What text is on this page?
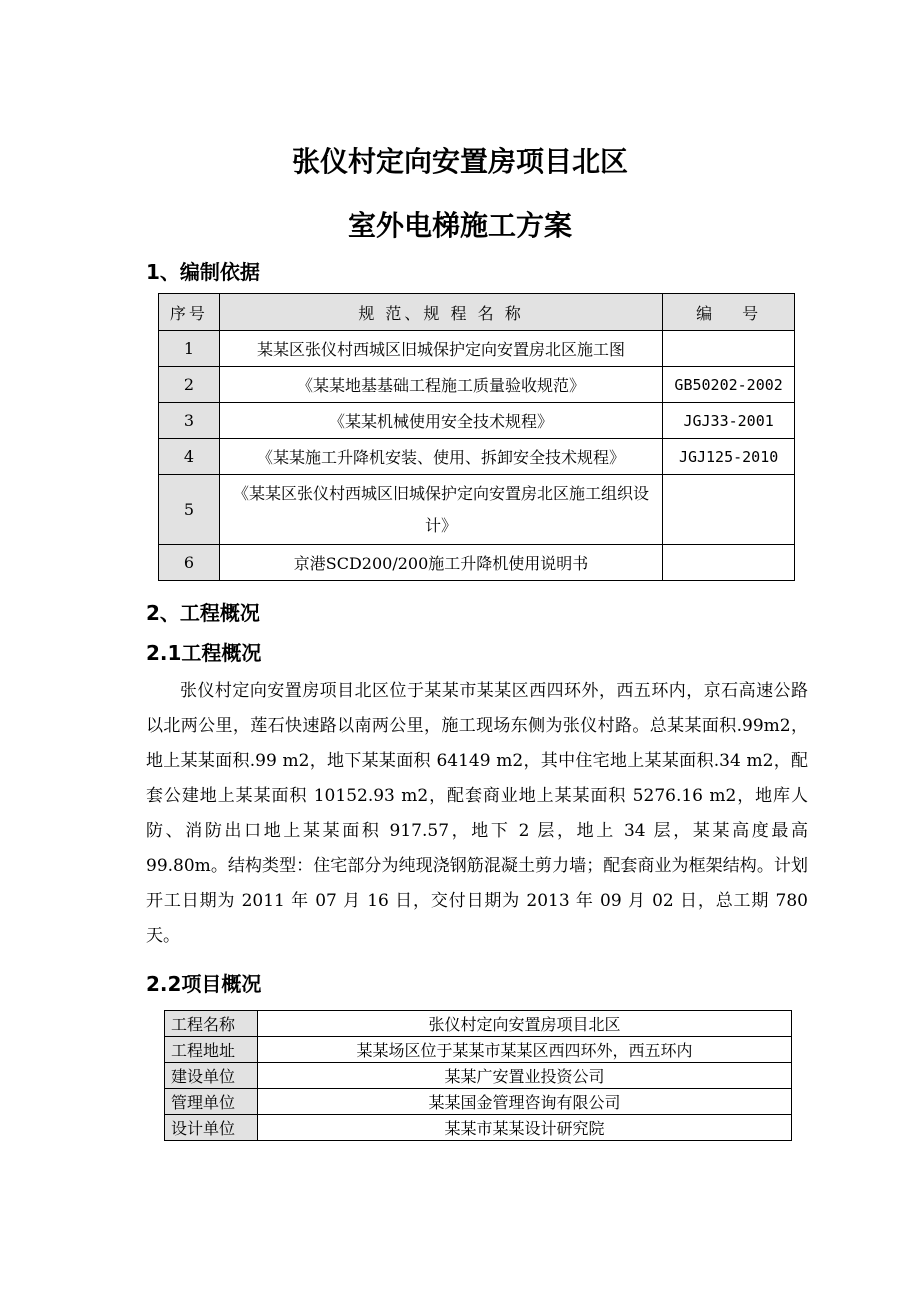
张仪村定向安置房项目北区
室外电梯施工方案
1、编制依据
序号	规 范、规 程 名 称	编　 号
1	某某区张仪村西城区旧城保护定向安置房北区施工图	
2	《某某地基基础工程施工质量验收规范》	GB50202-2002
3	《某某机械使用安全技术规程》	JGJ33-2001
4	《某某施工升降机安装、使用、拆卸安全技术规程》	JGJ125-2010
5	《某某区张仪村西城区旧城保护定向安置房北区施工组织设计》	
6	京港SCD200/200施工升降机使用说明书	
2、工程概况
2.1工程概况
张仪村定向安置房项目北区位于某某市某某区西四环外，西五环内，京石高速公路以北两公里，莲石快速路以南两公里，施工现场东侧为张仪村路。总某某面积.99m2，地上某某面积.99 m2，地下某某面积 64149 m2，其中住宅地上某某面积.34 m2，配套公建地上某某面积 10152.93 m2，配套商业地上某某面积 5276.16 m2，地库人防、消防出口地上某某面积 917.57，地下 2 层，地上 34 层，某某高度最高 99.80m。结构类型：住宅部分为纯现浇钢筋混凝土剪力墙；配套商业为框架结构。计划开工日期为 2011 年 07 月 16 日，交付日期为 2013 年 09 月 02 日，总工期 780 天。
2.2项目概况
工程名称	张仪村定向安置房项目北区
工程地址	某某场区位于某某市某某区西四环外，西五环内
建设单位	某某广安置业投资公司
管理单位	某某国金管理咨询有限公司
设计单位	某某市某某设计研究院
